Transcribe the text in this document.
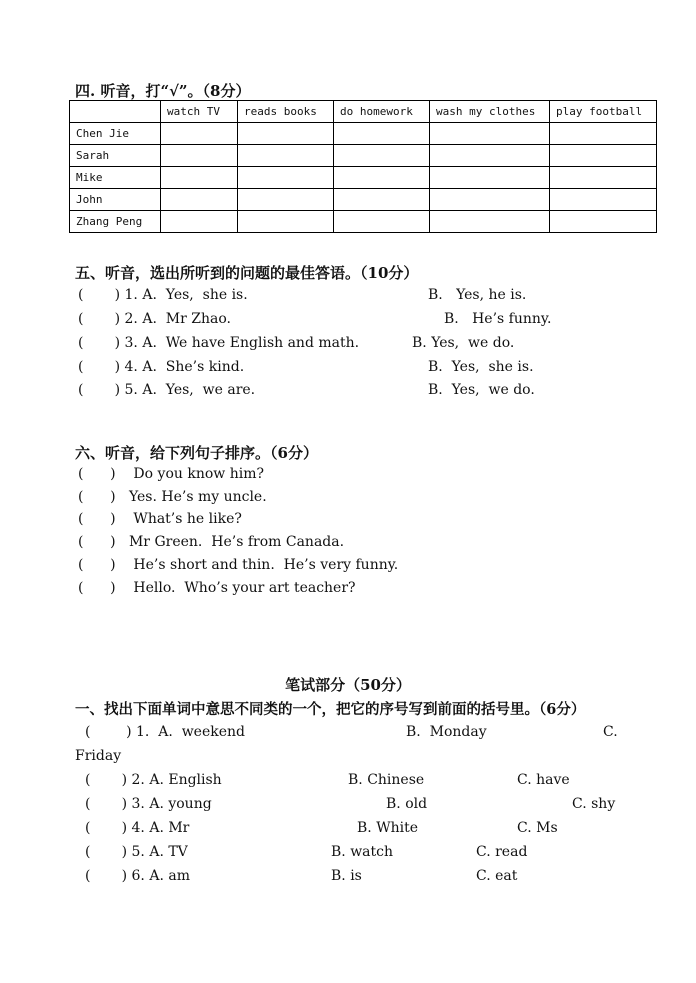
四. 听音，打“√”。（8分）
	watch TV	reads books	do homework	wash my clothes	play football
Chen Jie					
Sarah					
Mike					
John					
Zhang Peng					
五、听音，选出所听到的问题的最佳答语。（10分）
(       ) 1. A.  Yes,  she is.	B.   Yes, he is.
(       ) 2. A.  Mr Zhao.	B.   He’s funny.
(       ) 3. A.  We have English and math.	B. Yes,  we do.
(       ) 4. A.  She’s kind.	B.  Yes,  she is.
(       ) 5. A.  Yes,  we are.	B.  Yes,  we do.
六、听音，给下列句子排序。（6分）
(      )    Do you know him?
(      )   Yes. He’s my uncle.
(      )    What’s he like?
(      )   Mr Green.  He’s from Canada.
(      )    He’s short and thin.  He’s very funny.
(      )    Hello.  Who’s your art teacher?
笔试部分（50分）
一、找出下面单词中意思不同类的一个，把它的序号写到前面的括号里。（6分）
(        ) 1.  A.  weekend	B.  Monday	C.
Friday
(       ) 2. A. English	B. Chinese	C. have
(       ) 3. A. young	B. old	C. shy
(       ) 4. A. Mr	B. White	C. Ms
(       ) 5. A. TV	B. watch	C. read
(       ) 6. A. am	B. is	C. eat
